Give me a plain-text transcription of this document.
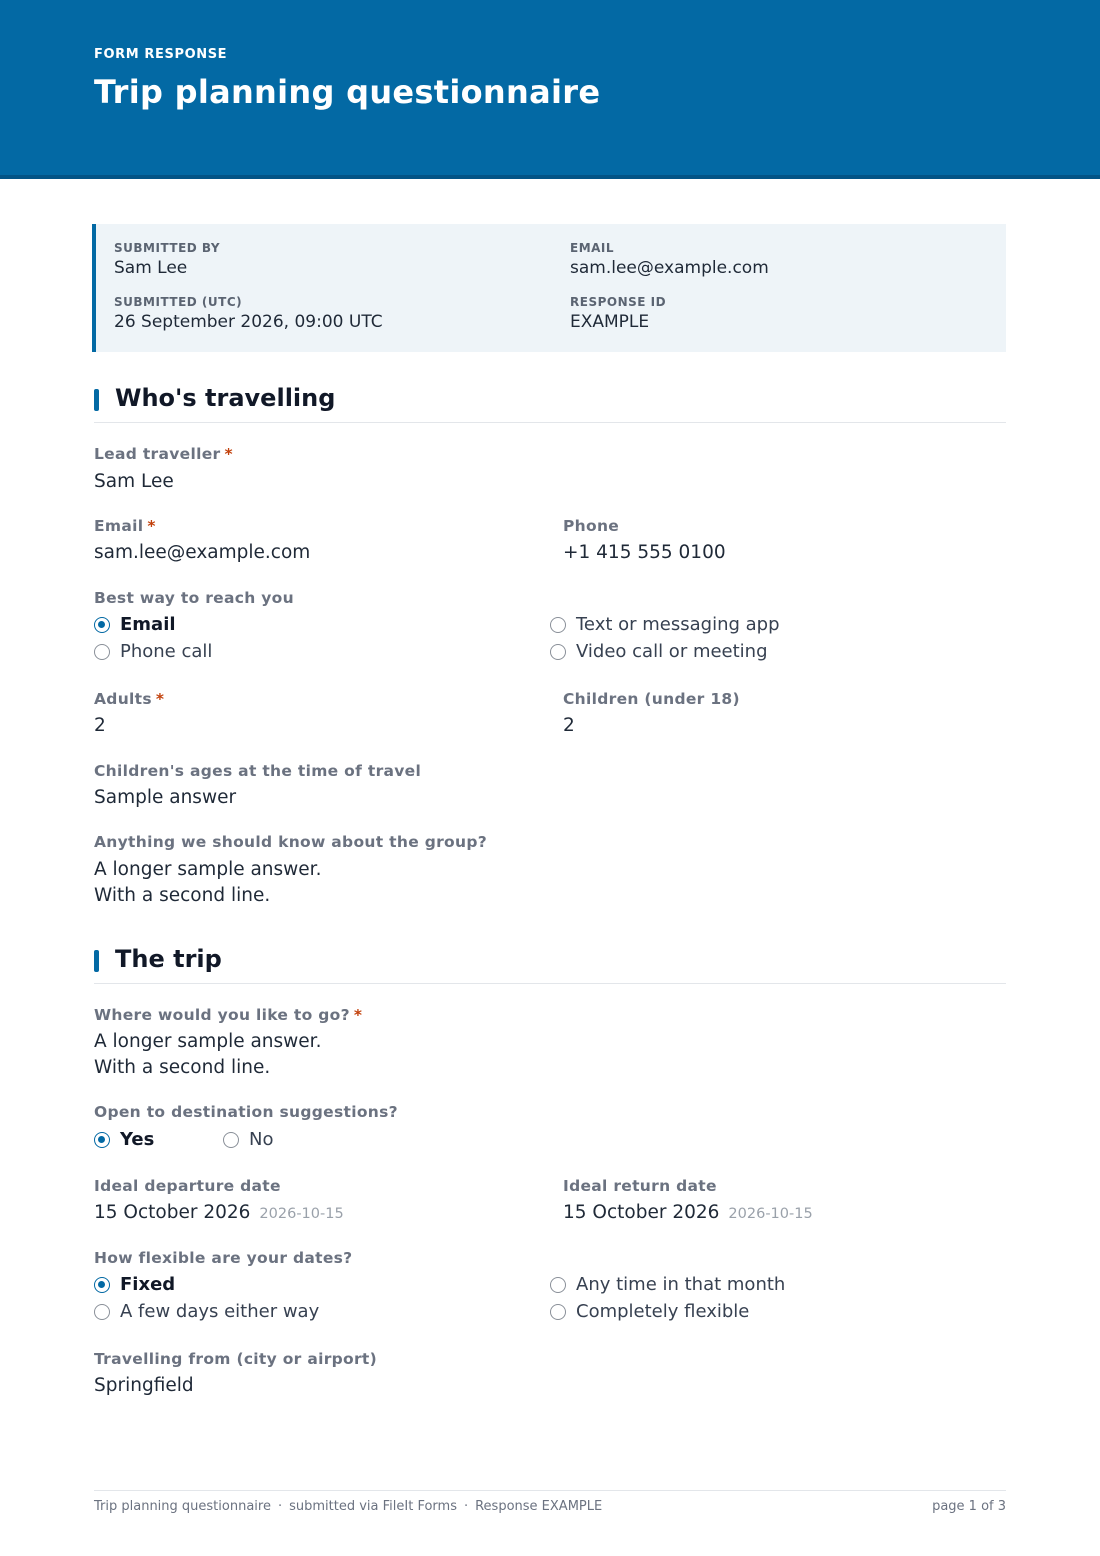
FORM RESPONSE
Trip planning questionnaire
SUBMITTED BY
Sam Lee
EMAIL
sam.lee@example.com
SUBMITTED (UTC)
26 September 2026, 09:00 UTC
RESPONSE ID
EXAMPLE
Who's travelling
Lead traveller *
Sam Lee
Email *
sam.lee@example.com
Phone
+1 415 555 0100
Best way to reach you
Email
Phone call
Text or messaging app
Video call or meeting
Adults *
2
Children (under 18)
2
Children's ages at the time of travel
Sample answer
Anything we should know about the group?
A longer sample answer.
With a second line.
The trip
Where would you like to go? *
A longer sample answer.
With a second line.
Open to destination suggestions?
Yes	No
Ideal departure date
15 October 2026 2026-10-15
Ideal return date
15 October 2026 2026-10-15
How flexible are your dates?
Fixed
A few days either way
Any time in that month
Completely flexible
Travelling from (city or airport)
Springfield
Trip planning questionnaire · submitted via FileIt Forms · Response EXAMPLE	page 1 of 3
